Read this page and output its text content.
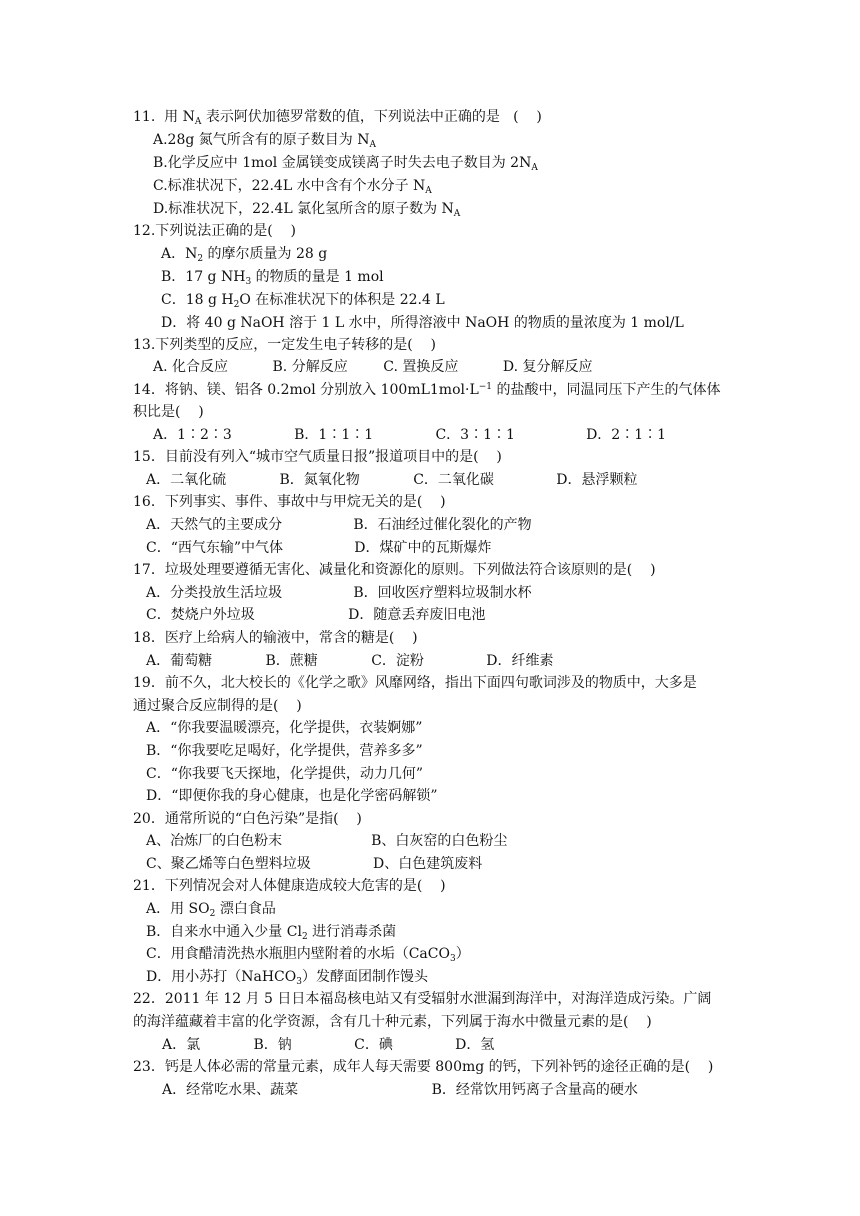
11.  用 $N_A$ 表示阿伏加德罗常数的值，下列说法中正确的是   (    )
A.28g 氮气所含有的原子数目为 $N_A$
B.化学反应中 1mol 金属镁变成镁离子时失去电子数目为 $2N_A$
C.标准状况下，22.4L 水中含有个水分子 $N_A$
D.标准状况下，22.4L 氯化氢所含的原子数为 $N_A$
12.下列说法正确的是(    )
A．$N_2$ 的摩尔质量为 28 g
B．17 g $NH_3$ 的物质的量是 1 mol
C．18 g $H_2O$ 在标准状况下的体积是 22.4 L
D．将 40 g NaOH 溶于 1 L 水中，所得溶液中 NaOH 的物质的量浓度为 1 mol/L
13.下列类型的反应，一定发生电子转移的是(    )
A. 化合反应          B. 分解反应        C. 置换反应          D. 复分解反应
14．将钠、镁、铝各 0.2mol 分别放入 $100mL1mol\cdot L^{-1}$ 的盐酸中，同温同压下产生的气体体
积比是(    )
A．1∶2∶3              B．1∶1∶1              C．3∶1∶1                D．2∶1∶1
15．目前没有列入“城市空气质量日报”报道项目中的是(    )
A．二氧化硫            B．氮氧化物            C．二氧化碳              D．悬浮颗粒
16．下列事实、事件、事故中与甲烷无关的是(    )
A．天然气的主要成分                B．石油经过催化裂化的产物
C．“西气东输”中气体                D．煤矿中的瓦斯爆炸
17．垃圾处理要遵循无害化、减量化和资源化的原则。下列做法符合该原则的是(    )
A．分类投放生活垃圾                B．回收医疗塑料垃圾制水杯
C．焚烧户外垃圾                     D．随意丢弃废旧电池
18．医疗上给病人的输液中，常含的糖是(    )
A．葡萄糖            B．蔗糖            C．淀粉              D．纤维素
19．前不久，北大校长的《化学之歌》风靡网络，指出下面四句歌词涉及的物质中，大多是
通过聚合反应制得的是(    )
A．“你我要温暖漂亮，化学提供，衣装婀娜”
B．“你我要吃足喝好，化学提供，营养多多”
C．“你我要飞天探地，化学提供，动力几何”
D．“即便你我的身心健康，也是化学密码解锁”
20．通常所说的“白色污染”是指(    )
A、冶炼厂的白色粉末                    B、白灰窑的白色粉尘
C、聚乙烯等白色塑料垃圾              D、白色建筑废料
21．下列情况会对人体健康造成较大危害的是(    )
A．用 $SO_2$ 漂白食品
B．自来水中通入少量 $Cl_2$ 进行消毒杀菌
C．用食醋清洗热水瓶胆内壁附着的水垢（CaCO$_3$）
D．用小苏打（NaHCO$_3$）发酵面团制作馒头
22．2011 年 12 月 5 日日本福岛核电站又有受辐射水泄漏到海洋中，对海洋造成污染。广阔
的海洋蕴藏着丰富的化学资源，含有几十种元素，下列属于海水中微量元素的是(    )
A．氯            B．钠              C．碘              D．氢
23．钙是人体必需的常量元素，成年人每天需要 800mg 的钙，下列补钙的途径正确的是(    )
A．经常吃水果、蔬菜                              B．经常饮用钙离子含量高的硬水
